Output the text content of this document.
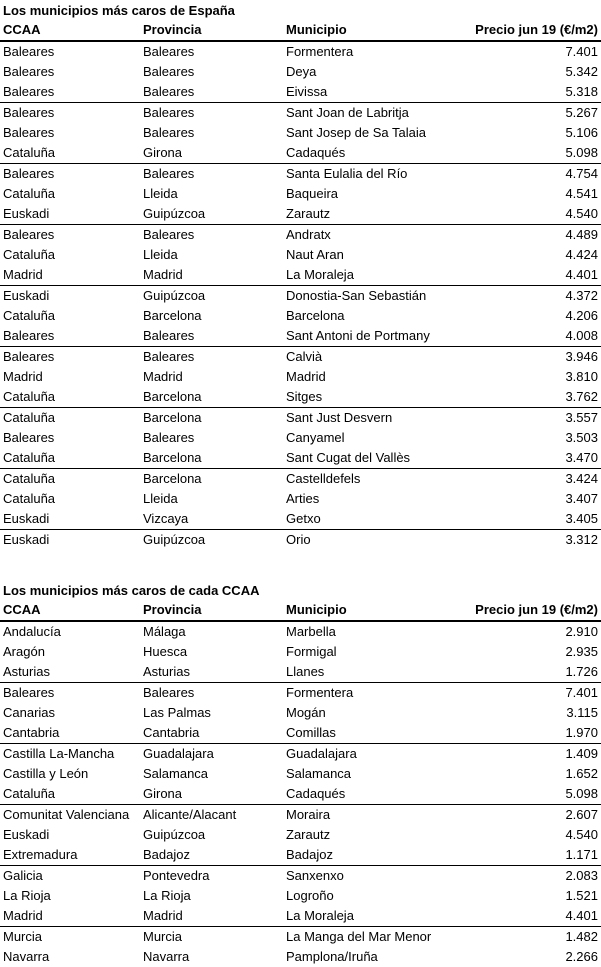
Los municipios más caros de España
CCAA	Provincia	Municipio	Precio jun 19 (€/m2)
Baleares	Baleares	Formentera	7.401
Baleares	Baleares	Deya	5.342
Baleares	Baleares	Eivissa	5.318
Baleares	Baleares	Sant Joan de Labritja	5.267
Baleares	Baleares	Sant Josep de Sa Talaia	5.106
Cataluña	Girona	Cadaqués	5.098
Baleares	Baleares	Santa Eulalia del Río	4.754
Cataluña	Lleida	Baqueira	4.541
Euskadi	Guipúzcoa	Zarautz	4.540
Baleares	Baleares	Andratx	4.489
Cataluña	Lleida	Naut Aran	4.424
Madrid	Madrid	La Moraleja	4.401
Euskadi	Guipúzcoa	Donostia-San Sebastián	4.372
Cataluña	Barcelona	Barcelona	4.206
Baleares	Baleares	Sant Antoni de Portmany	4.008
Baleares	Baleares	Calvià	3.946
Madrid	Madrid	Madrid	3.810
Cataluña	Barcelona	Sitges	3.762
Cataluña	Barcelona	Sant Just Desvern	3.557
Baleares	Baleares	Canyamel	3.503
Cataluña	Barcelona	Sant Cugat del Vallès	3.470
Cataluña	Barcelona	Castelldefels	3.424
Cataluña	Lleida	Arties	3.407
Euskadi	Vizcaya	Getxo	3.405
Euskadi	Guipúzcoa	Orio	3.312
Los municipios más caros de cada CCAA
CCAA	Provincia	Municipio	Precio jun 19 (€/m2)
Andalucía	Málaga	Marbella	2.910
Aragón	Huesca	Formigal	2.935
Asturias	Asturias	Llanes	1.726
Baleares	Baleares	Formentera	7.401
Canarias	Las Palmas	Mogán	3.115
Cantabria	Cantabria	Comillas	1.970
Castilla La-Mancha	Guadalajara	Guadalajara	1.409
Castilla y León	Salamanca	Salamanca	1.652
Cataluña	Girona	Cadaqués	5.098
Comunitat Valenciana	Alicante/Alacant	Moraira	2.607
Euskadi	Guipúzcoa	Zarautz	4.540
Extremadura	Badajoz	Badajoz	1.171
Galicia	Pontevedra	Sanxenxo	2.083
La Rioja	La Rioja	Logroño	1.521
Madrid	Madrid	La Moraleja	4.401
Murcia	Murcia	La Manga del Mar Menor	1.482
Navarra	Navarra	Pamplona/Iruña	2.266
